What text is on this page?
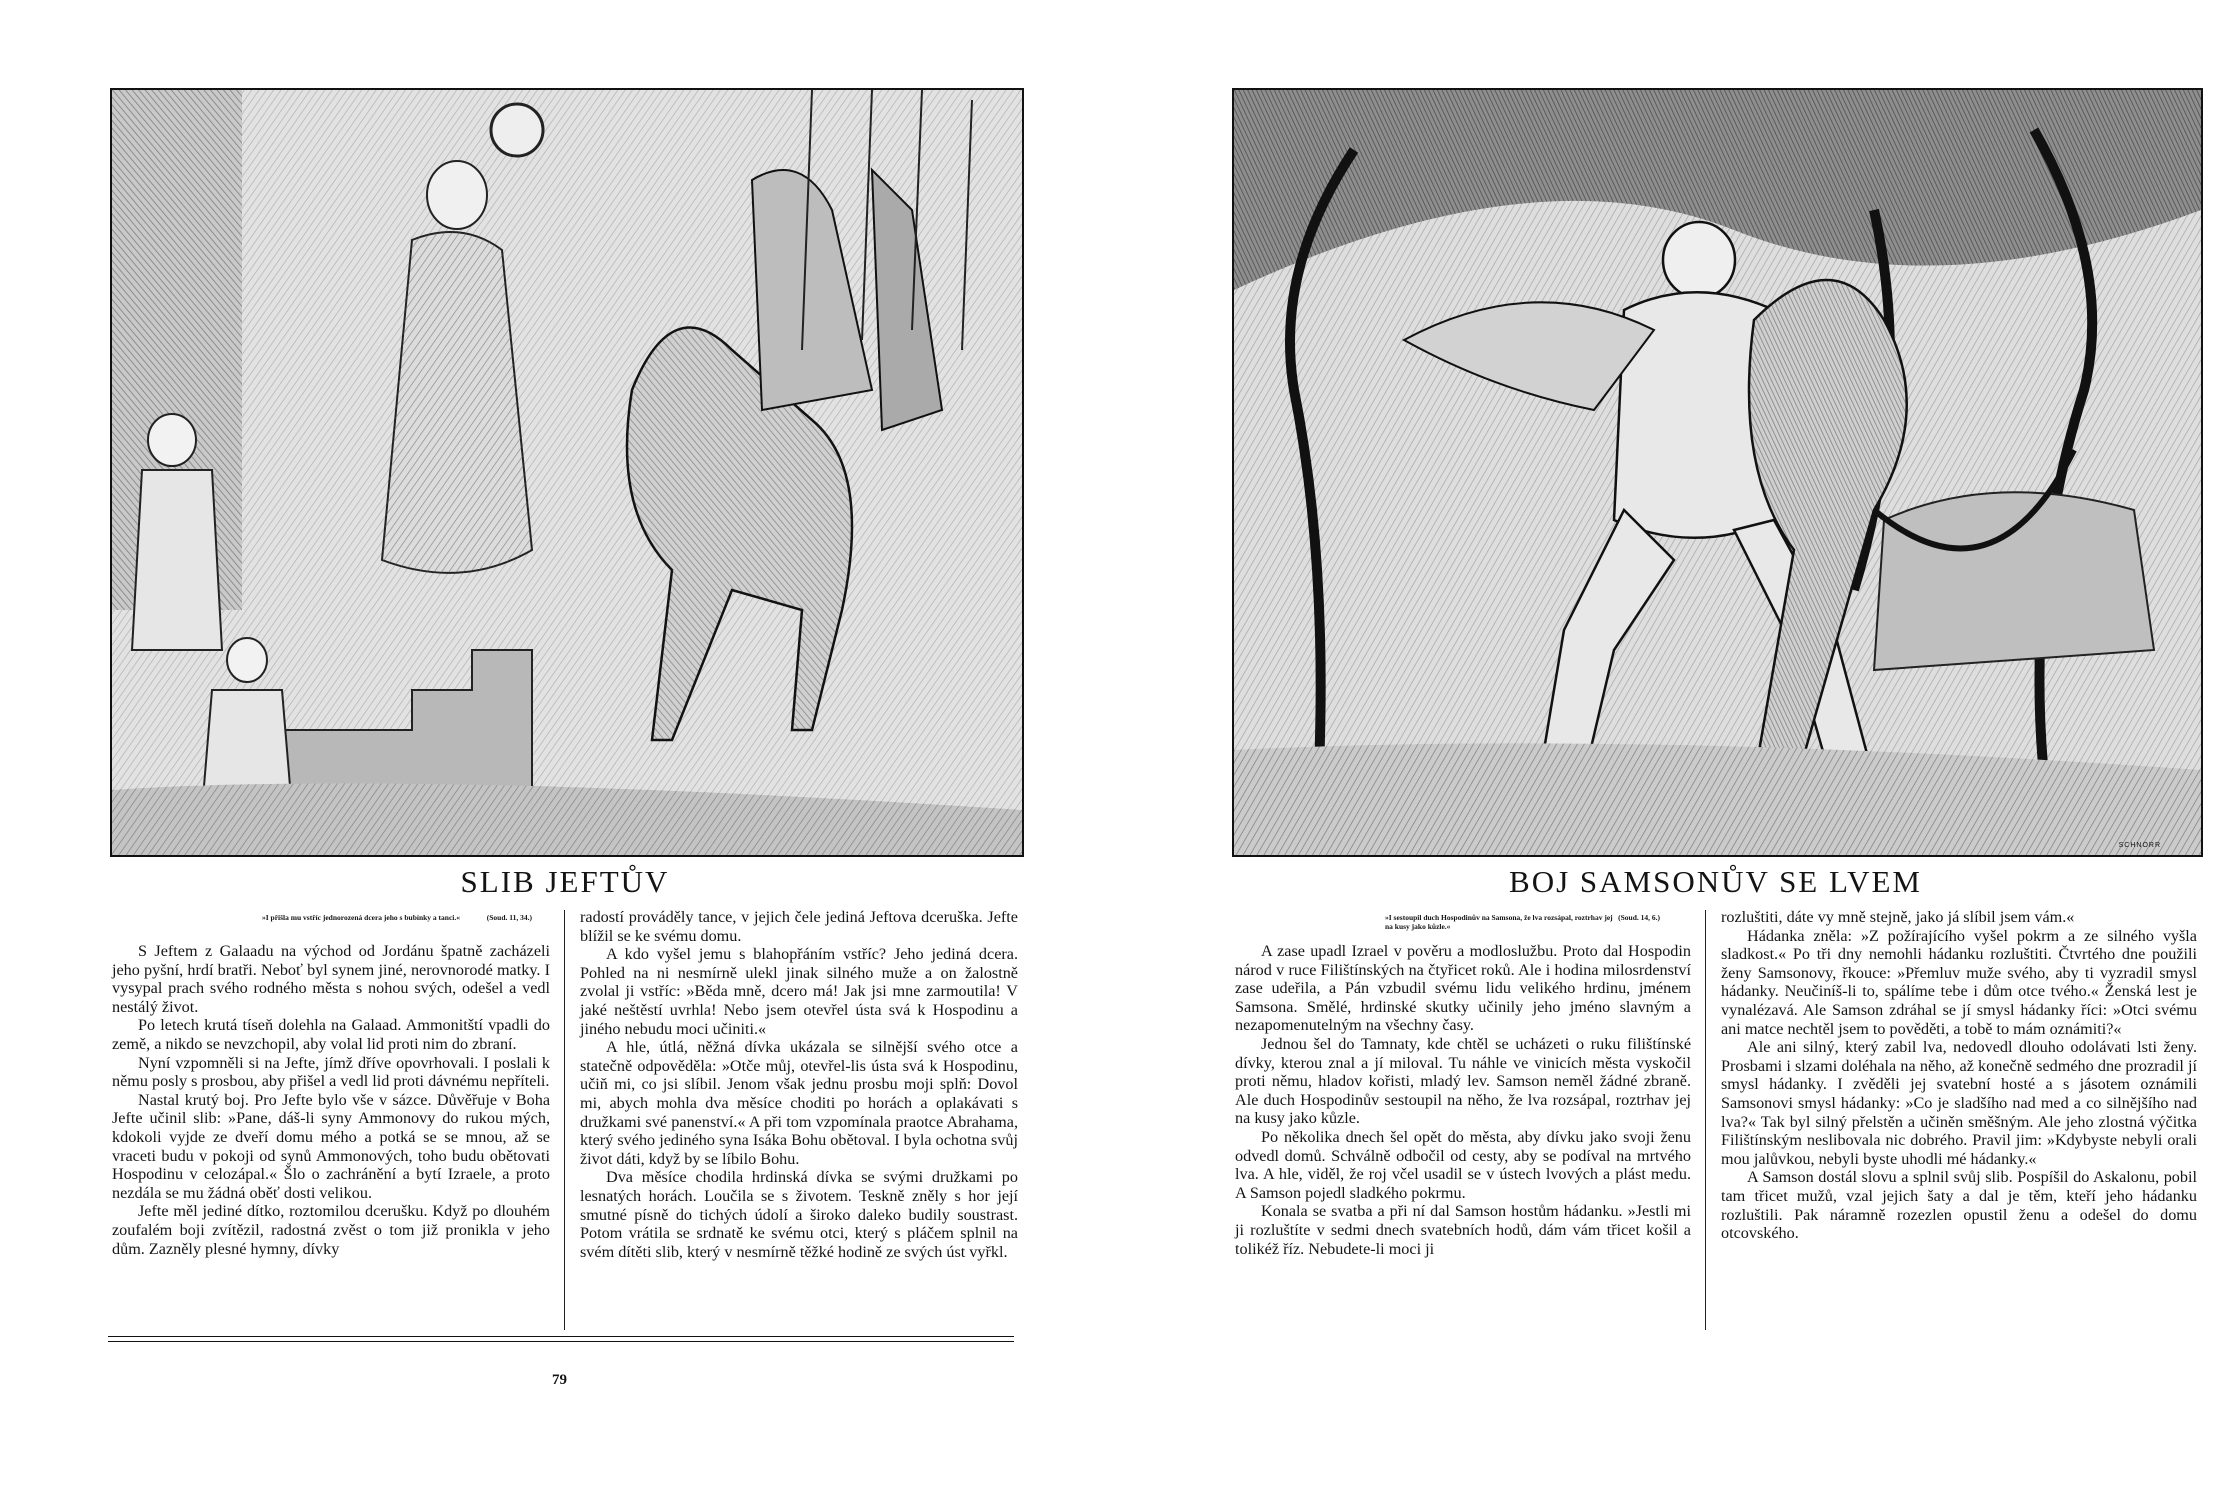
SLIB JEFTŮV
(Soud. 11, 34.)
»I přišla mu vstříc jednorozená dcera jeho s bubínky a tanci.«

S Jeftem z Galaadu na východ od Jordánu špatně zacházeli jeho pyšní, hrdí bratři. Neboť byl synem jiné, nerovnorodé matky. I vysypal prach svého rodného města s nohou svých, odešel a vedl nestálý život.

Po letech krutá tíseň dolehla na Galaad. Ammonitští vpadli do země, a nikdo se nevzchopil, aby volal lid proti nim do zbraní.

Nyní vzpomněli si na Jefte, jímž dříve opovrhovali. I poslali k němu posly s prosbou, aby přišel a vedl lid proti dávnému nepříteli.

Nastal krutý boj. Pro Jefte bylo vše v sázce. Důvěřuje v Boha Jefte učinil slib: »Pane, dáš-li syny Ammonovy do rukou mých, kdokoli vyjde ze dveří domu mého a potká se se mnou, až se vraceti budu v pokoji od synů Ammonových, toho budu obětovati Hospodinu v celozápal.« Šlo o zachránění a bytí Izraele, a proto nezdála se mu žádná oběť dosti velikou.

Jefte měl jediné dítko, roztomilou dcerušku. Když po dlouhém zoufalém boji zvítězil, radostná zvěst o tom již pronikla v jeho dům. Zazněly plesné hymny, dívky

radostí prováděly tance, v jejich čele jediná Jeftova dceruška. Jefte blížil se ke svému domu.

A kdo vyšel jemu s blahopřáním vstříc? Jeho jediná dcera. Pohled na ni nesmírně ulekl jinak silného muže a on žalostně zvolal ji vstříc: »Běda mně, dcero má! Jak jsi mne zarmoutila! V jaké neštěstí uvrhla! Nebo jsem otevřel ústa svá k Hospodinu a jiného nebudu moci učiniti.«

A hle, útlá, něžná dívka ukázala se silnější svého otce a statečně odpověděla: »Otče můj, otevřel-lis ústa svá k Hospodinu, učiň mi, co jsi slíbil. Jenom však jednu prosbu moji splň: Dovol mi, abych mohla dva měsíce choditi po horách a oplakávati s družkami své panenství.« A při tom vzpomínala praotce Abrahama, který svého jediného syna Isáka Bohu obětoval. I byla ochotna svůj život dáti, když by se líbilo Bohu.

Dva měsíce chodila hrdinská dívka se svými družkami po lesnatých horách. Loučila se s životem. Teskně zněly s hor její smutné písně do tichých údolí a široko daleko budily soustrast. Potom vrátila se srdnatě ke svému otci, který s pláčem splnil na svém dítěti slib, který v nesmírně těžké hodině ze svých úst vyřkl.

79
SCHNORR
BOJ SAMSONŮV SE LVEM
(Soud. 14, 6.)
»I sestoupil duch Hospodinův na Samsona, že lva rozsápal, roztrhav jej na kusy jako kůzle.«

A zase upadl Izrael v pověru a modloslužbu. Proto dal Hospodin národ v ruce Filištínských na čtyřicet roků. Ale i hodina milosrdenství zase udeřila, a Pán vzbudil svému lidu velikého hrdinu, jménem Samsona. Smělé, hrdinské skutky učinily jeho jméno slavným a nezapomenutelným na všechny časy.

Jednou šel do Tamnaty, kde chtěl se ucházeti o ruku filištínské dívky, kterou znal a jí miloval. Tu náhle ve vinicích města vyskočil proti němu, hladov kořisti, mladý lev. Samson neměl žádné zbraně. Ale duch Hospodinův sestoupil na něho, že lva rozsápal, roztrhav jej na kusy jako kůzle.

Po několika dnech šel opět do města, aby dívku jako svoji ženu odvedl domů. Schválně odbočil od cesty, aby se podíval na mrtvého lva. A hle, viděl, že roj včel usadil se v ústech lvových a plást medu. A Samson pojedl sladkého pokrmu.

Konala se svatba a při ní dal Samson hostům hádanku. »Jestli mi ji rozluštíte v sedmi dnech svatebních hodů, dám vám třicet košil a tolikéž říz. Nebudete-li moci ji

rozluštiti, dáte vy mně stejně, jako já slíbil jsem vám.«

Hádanka zněla: »Z požírajícího vyšel pokrm a ze silného vyšla sladkost.« Po tři dny nemohli hádanku rozluštiti. Čtvrtého dne použili ženy Samsonovy, řkouce: »Přemluv muže svého, aby ti vyzradil smysl hádanky. Neučiníš-li to, spálíme tebe i dům otce tvého.« Ženská lest je vynalézavá. Ale Samson zdráhal se jí smysl hádanky říci: »Otci svému ani matce nechtěl jsem to pověděti, a tobě to mám oznámiti?«

Ale ani silný, který zabil lva, nedovedl dlouho odolávati lsti ženy. Prosbami i slzami doléhala na něho, až konečně sedmého dne prozradil jí smysl hádanky. I zvěděli jej svatební hosté a s jásotem oznámili Samsonovi smysl hádanky: »Co je sladšího nad med a co silnějšího nad lva?« Tak byl silný přelstěn a učiněn směšným. Ale jeho zlostná výčitka Filištínským neslibovala nic dobrého. Pravil jim: »Kdybyste nebyli orali mou jalůvkou, nebyli byste uhodli mé hádanky.«

A Samson dostál slovu a splnil svůj slib. Pospíšil do Askalonu, pobil tam třicet mužů, vzal jejich šaty a dal je těm, kteří jeho hádanku rozluštili. Pak náramně rozezlen opustil ženu a odešel do domu otcovského.
